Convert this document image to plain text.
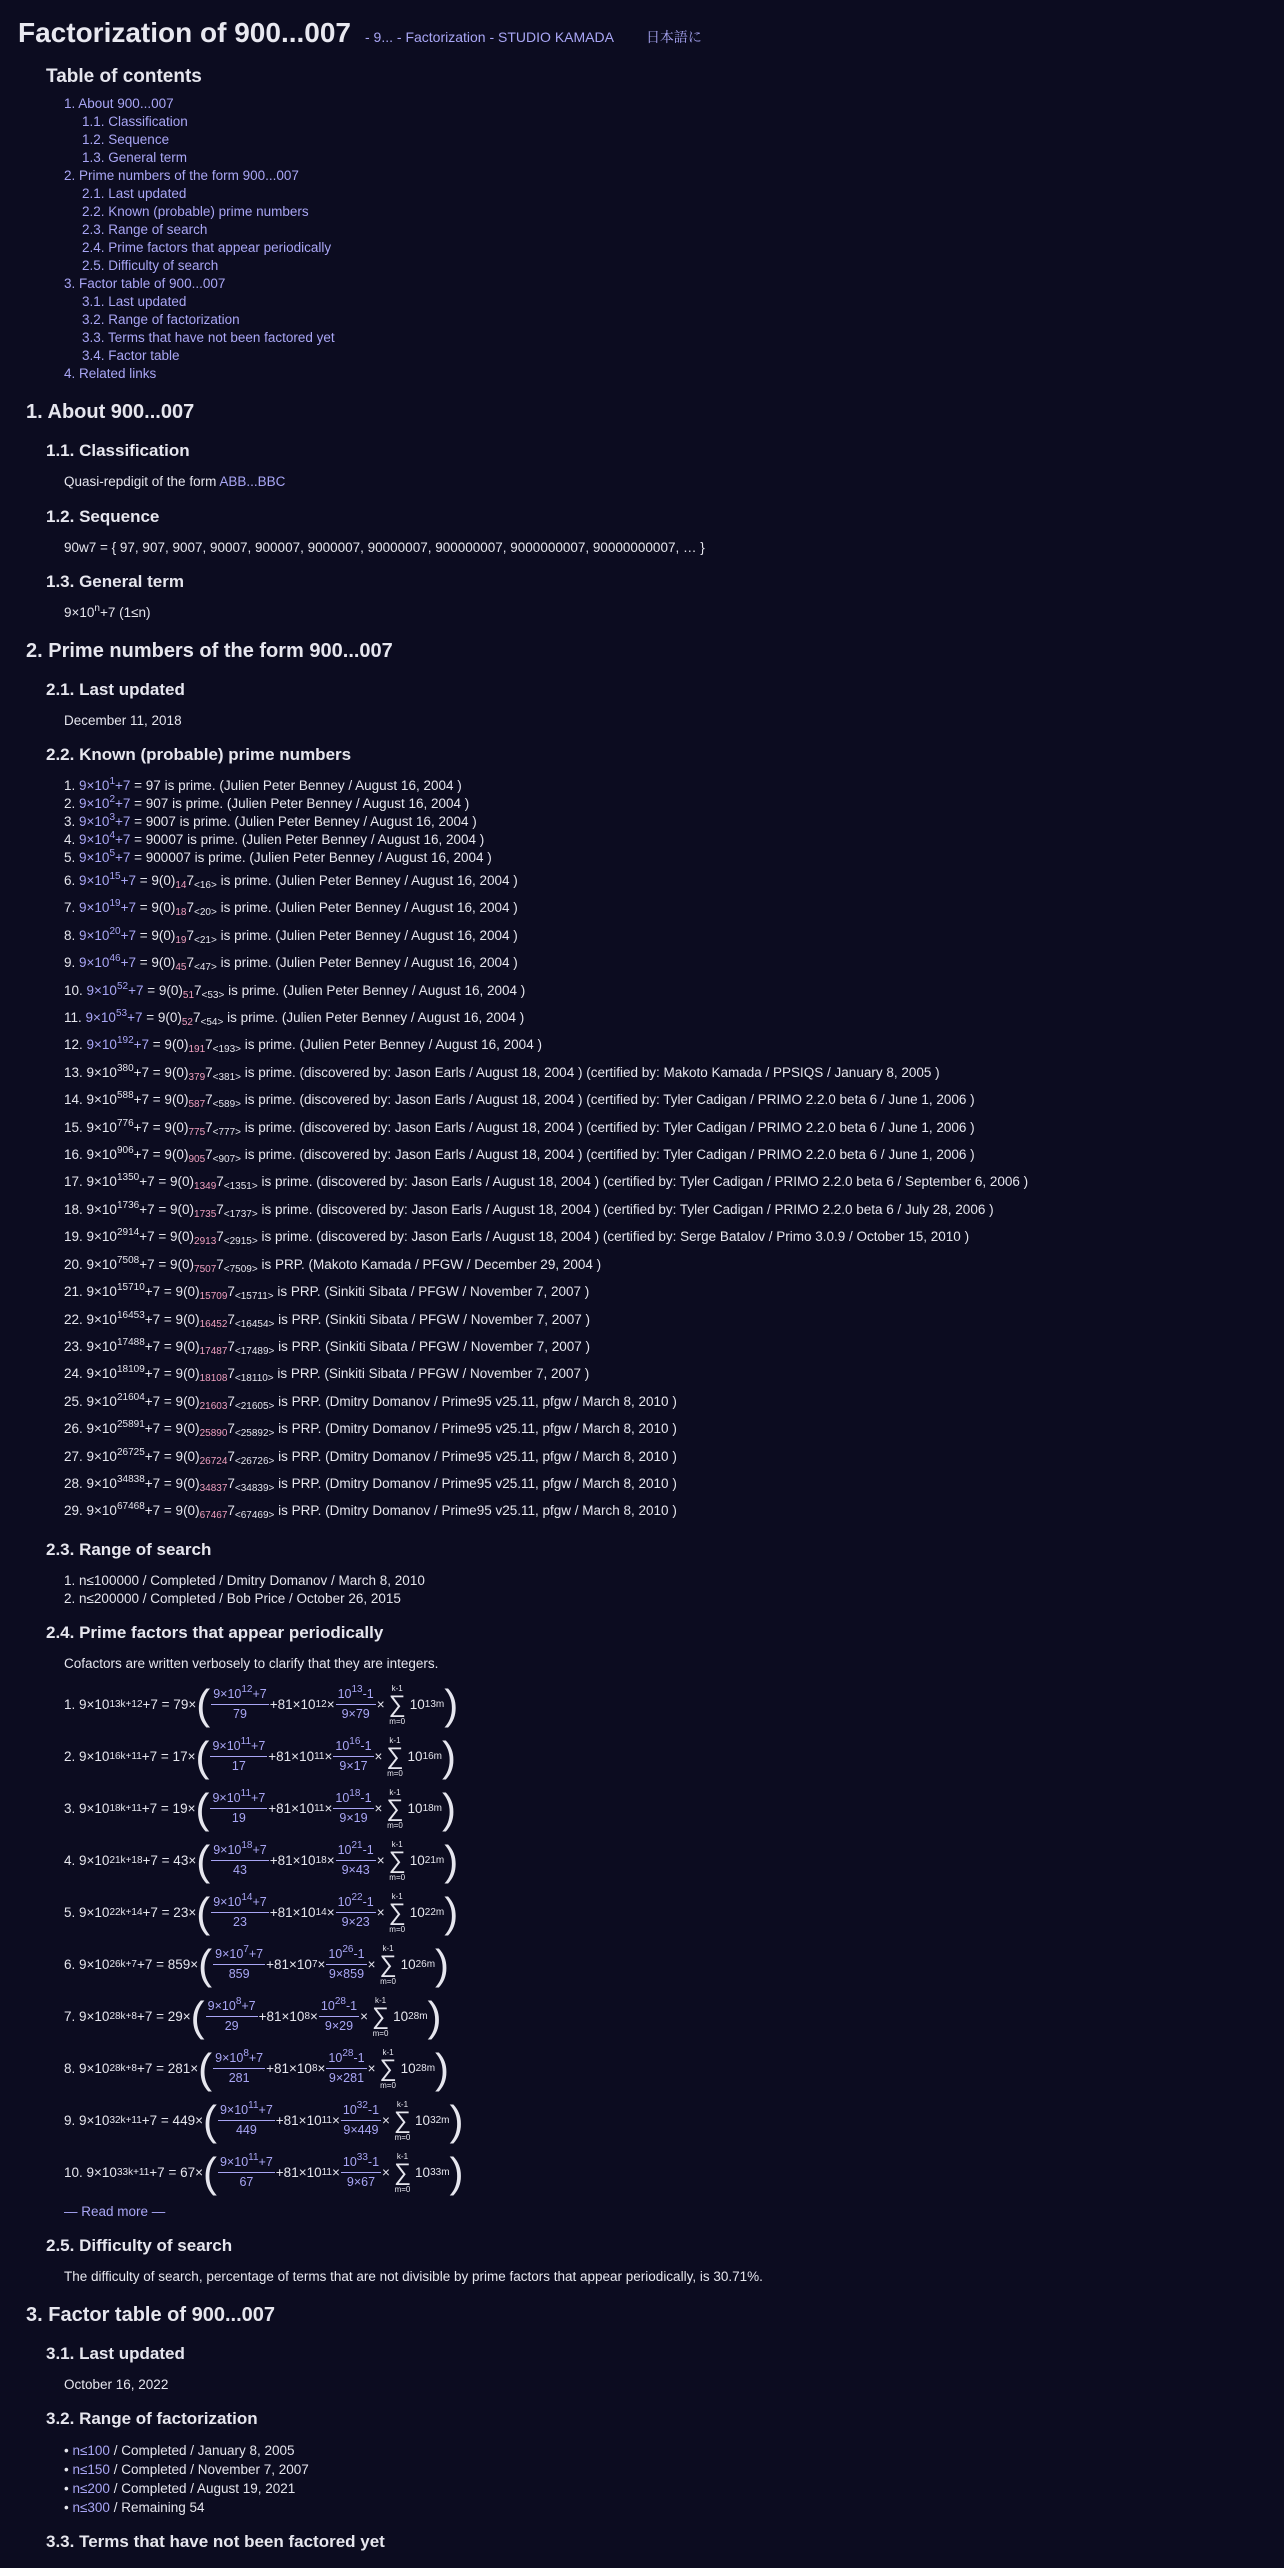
Factorization of 900...007 - 9... - Factorization - STUDIO KAMADA 日本語に
Table of contents
1. About 900...007
1.1. Classification
1.2. Sequence
1.3. General term
2. Prime numbers of the form 900...007
2.1. Last updated
2.2. Known (probable) prime numbers
2.3. Range of search
2.4. Prime factors that appear periodically
2.5. Difficulty of search
3. Factor table of 900...007
3.1. Last updated
3.2. Range of factorization
3.3. Terms that have not been factored yet
3.4. Factor table
4. Related links
1. About 900...007
1.1. Classification
Quasi-repdigit of the form ABB...BBC
1.2. Sequence
90w7 = { 97, 907, 9007, 90007, 900007, 9000007, 90000007, 900000007, 9000000007, 90000000007, … }
1.3. General term
$9\times 10^n+7$ (1≤n)
2. Prime numbers of the form 900...007
2.1. Last updated
December 11, 2018
2.2. Known (probable) prime numbers
1. $9\times 10^1+7 = 97$ is prime. (Julien Peter Benney / August 16, 2004 )
2. $9\times 10^2+7 = 907$ is prime. (Julien Peter Benney / August 16, 2004 )
3. $9\times 10^3+7 = 9007$ is prime. (Julien Peter Benney / August 16, 2004 )
4. $9\times 10^4+7 = 90007$ is prime. (Julien Peter Benney / August 16, 2004 )
5. $9\times 10^5+7 = 900007$ is prime. (Julien Peter Benney / August 16, 2004 )
6. $9\times 10^{15}+7 = 9(0)_{14}7_{<16>}$ is prime. (Julien Peter Benney / August 16, 2004 )
7. $9\times 10^{19}+7 = 9(0)_{18}7_{<20>}$ is prime. (Julien Peter Benney / August 16, 2004 )
8. $9\times 10^{20}+7 = 9(0)_{19}7_{<21>}$ is prime. (Julien Peter Benney / August 16, 2004 )
9. $9\times 10^{46}+7 = 9(0)_{45}7_{<47>}$ is prime. (Julien Peter Benney / August 16, 2004 )
10. $9\times 10^{52}+7 = 9(0)_{51}7_{<53>}$ is prime. (Julien Peter Benney / August 16, 2004 )
11. $9\times 10^{53}+7 = 9(0)_{52}7_{<54>}$ is prime. (Julien Peter Benney / August 16, 2004 )
12. $9\times 10^{192}+7 = 9(0)_{191}7_{<193>}$ is prime. (Julien Peter Benney / August 16, 2004 )
13. $9\times 10^{380}+7 = 9(0)_{379}7_{<381>}$ is prime. (discovered by: Jason Earls / August 18, 2004 ) (certified by: Makoto Kamada / PPSIQS / January 8, 2005 )
14. $9\times 10^{588}+7 = 9(0)_{587}7_{<589>}$ is prime. (discovered by: Jason Earls / August 18, 2004 ) (certified by: Tyler Cadigan / PRIMO 2.2.0 beta 6 / June 1, 2006 )
15. $9\times 10^{776}+7 = 9(0)_{775}7_{<777>}$ is prime. (discovered by: Jason Earls / August 18, 2004 ) (certified by: Tyler Cadigan / PRIMO 2.2.0 beta 6 / June 1, 2006 )
16. $9\times 10^{906}+7 = 9(0)_{905}7_{<907>}$ is prime. (discovered by: Jason Earls / August 18, 2004 ) (certified by: Tyler Cadigan / PRIMO 2.2.0 beta 6 / June 1, 2006 )
17. $9\times 10^{1350}+7 = 9(0)_{1349}7_{<1351>}$ is prime. (discovered by: Jason Earls / August 18, 2004 ) (certified by: Tyler Cadigan / PRIMO 2.2.0 beta 6 / September 6, 2006 )
18. $9\times 10^{1736}+7 = 9(0)_{1735}7_{<1737>}$ is prime. (discovered by: Jason Earls / August 18, 2004 ) (certified by: Tyler Cadigan / PRIMO 2.2.0 beta 6 / July 28, 2006 )
19. $9\times 10^{2914}+7 = 9(0)_{2913}7_{<2915>}$ is prime. (discovered by: Jason Earls / August 18, 2004 ) (certified by: Serge Batalov / Primo 3.0.9 / October 15, 2010 )
20. $9\times 10^{7508}+7 = 9(0)_{7507}7_{<7509>}$ is PRP. (Makoto Kamada / PFGW / December 29, 2004 )
21. $9\times 10^{15710}+7 = 9(0)_{15709}7_{<15711>}$ is PRP. (Sinkiti Sibata / PFGW / November 7, 2007 )
22. $9\times 10^{16453}+7 = 9(0)_{16452}7_{<16454>}$ is PRP. (Sinkiti Sibata / PFGW / November 7, 2007 )
23. $9\times 10^{17488}+7 = 9(0)_{17487}7_{<17489>}$ is PRP. (Sinkiti Sibata / PFGW / November 7, 2007 )
24. $9\times 10^{18109}+7 = 9(0)_{18108}7_{<18110>}$ is PRP. (Sinkiti Sibata / PFGW / November 7, 2007 )
25. $9\times 10^{21604}+7 = 9(0)_{21603}7_{<21605>}$ is PRP. (Dmitry Domanov / Prime95 v25.11, pfgw / March 8, 2010 )
26. $9\times 10^{25891}+7 = 9(0)_{25890}7_{<25892>}$ is PRP. (Dmitry Domanov / Prime95 v25.11, pfgw / March 8, 2010 )
27. $9\times 10^{26725}+7 = 9(0)_{26724}7_{<26726>}$ is PRP. (Dmitry Domanov / Prime95 v25.11, pfgw / March 8, 2010 )
28. $9\times 10^{34838}+7 = 9(0)_{34837}7_{<34839>}$ is PRP. (Dmitry Domanov / Prime95 v25.11, pfgw / March 8, 2010 )
29. $9\times 10^{67468}+7 = 9(0)_{67467}7_{<67469>}$ is PRP. (Dmitry Domanov / Prime95 v25.11, pfgw / March 8, 2010 )
2.3. Range of search
1. n≤100000 / Completed / Dmitry Domanov / March 8, 2010
2. n≤200000 / Completed / Bob Price / October 26, 2015
2.4. Prime factors that appear periodically
Cofactors are written verbosely to clarify that they are integers.
1. 9×10 13k+12 +7 = 79× ( $\frac{9\times 10^{12}+7}{79} +81\times 10$ $12 \times \frac{10^{13}-1}{9\times 79}$ ×
k-1
∑
m=0
10 13m )
2. 9×10 16k+11 +7 = 17× ( $\frac{9\times 10^{11}+7}{17} +81\times 10$ $11 \times \frac{10^{16}-1}{9\times 17}$ ×
k-1
∑
m=0
10 16m )
3. 9×10 18k+11 +7 = 19× ( $\frac{9\times 10^{11}+7}{19} +81\times 10$ $11 \times \frac{10^{18}-1}{9\times 19}$ ×
k-1
∑
m=0
10 18m )
4. 9×10 21k+18 +7 = 43× ( $\frac{9\times 10^{18}+7}{43} +81\times 10$ $18 \times \frac{10^{21}-1}{9\times 43}$ ×
k-1
∑
m=0
10 21m )
5. 9×10 22k+14 +7 = 23× ( $\frac{9\times 10^{14}+7}{23} +81\times 10$ $14 \times \frac{10^{22}-1}{9\times 23}$ ×
k-1
∑
m=0
10 22m )
6. 9×10 26k+7 +7 = 859× ( $\frac{9\times 10^7+7}{859} +81\times 10$ $7 \times \frac{10^{26}-1}{9\times 859}$ ×
k-1
∑
m=0
10 26m )
7. 9×10 28k+8 +7 = 29× ( $\frac{9\times 10^8+7}{29} +81\times 10$ $8 \times \frac{10^{28}-1}{9\times 29}$ ×
k-1
∑
m=0
10 28m )
8. 9×10 28k+8 +7 = 281× ( $\frac{9\times 10^8+7}{281} +81\times 10$ $8 \times \frac{10^{28}-1}{9\times 281}$ ×
k-1
∑
m=0
10 28m )
9. 9×10 32k+11 +7 = 449× ( $\frac{9\times 10^{11}+7}{449} +81\times 10$ $11 \times \frac{10^{32}-1}{9\times 449}$ ×
k-1
∑
m=0
10 32m )
10. 9×10 33k+11 +7 = 67× ( $\frac{9\times 10^{11}+7}{67} +81\times 10$ $11 \times \frac{10^{33}-1}{9\times 67}$ ×
k-1
∑
m=0
10 33m )
— Read more —
2.5. Difficulty of search
The difficulty of search, percentage of terms that are not divisible by prime factors that appear periodically, is 30.71%.
3. Factor table of 900...007
3.1. Last updated
October 16, 2022
3.2. Range of factorization
• n≤100 / Completed / January 8, 2005
• n≤150 / Completed / November 7, 2007
• n≤200 / Completed / August 19, 2021
• n≤300 / Remaining 54
3.3. Terms that have not been factored yet
